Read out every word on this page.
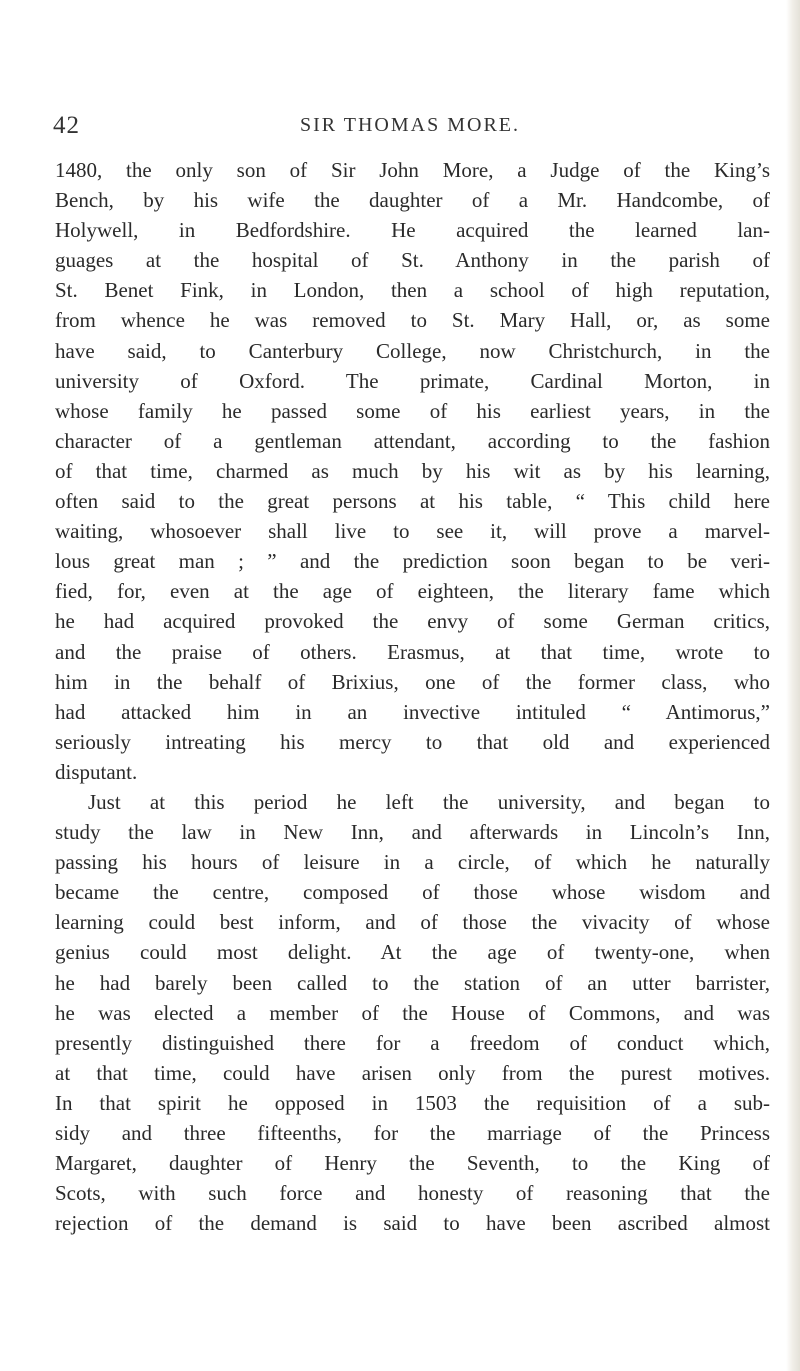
42	SIR THOMAS MORE.
1480, the only son of Sir John More, a Judge of the King’s
Bench, by his wife the daughter of a Mr. Handcombe, of
Holywell, in Bedfordshire. He acquired the learned lan-
guages at the hospital of St. Anthony in the parish of
St. Benet Fink, in London, then a school of high reputation,
from whence he was removed to St. Mary Hall, or, as some
have said, to Canterbury College, now Christchurch, in the
university of Oxford. The primate, Cardinal Morton, in
whose family he passed some of his earliest years, in the
character of a gentleman attendant, according to the fashion
of that time, charmed as much by his wit as by his learning,
often said to the great persons at his table, “ This child here
waiting, whosoever shall live to see it, will prove a marvel-
lous great man ; ” and the prediction soon began to be veri-
fied, for, even at the age of eighteen, the literary fame which
he had acquired provoked the envy of some German critics,
and the praise of others. Erasmus, at that time, wrote to
him in the behalf of Brixius, one of the former class, who
had attacked him in an invective intituled “ Antimorus,”
seriously intreating his mercy to that old and experienced
disputant.
Just at this period he left the university, and began to
study the law in New Inn, and afterwards in Lincoln’s Inn,
passing his hours of leisure in a circle, of which he naturally
became the centre, composed of those whose wisdom and
learning could best inform, and of those the vivacity of whose
genius could most delight. At the age of twenty-one, when
he had barely been called to the station of an utter barrister,
he was elected a member of the House of Commons, and was
presently distinguished there for a freedom of conduct which,
at that time, could have arisen only from the purest motives.
In that spirit he opposed in 1503 the requisition of a sub-
sidy and three fifteenths, for the marriage of the Princess
Margaret, daughter of Henry the Seventh, to the King of
Scots, with such force and honesty of reasoning that the
rejection of the demand is said to have been ascribed almost
